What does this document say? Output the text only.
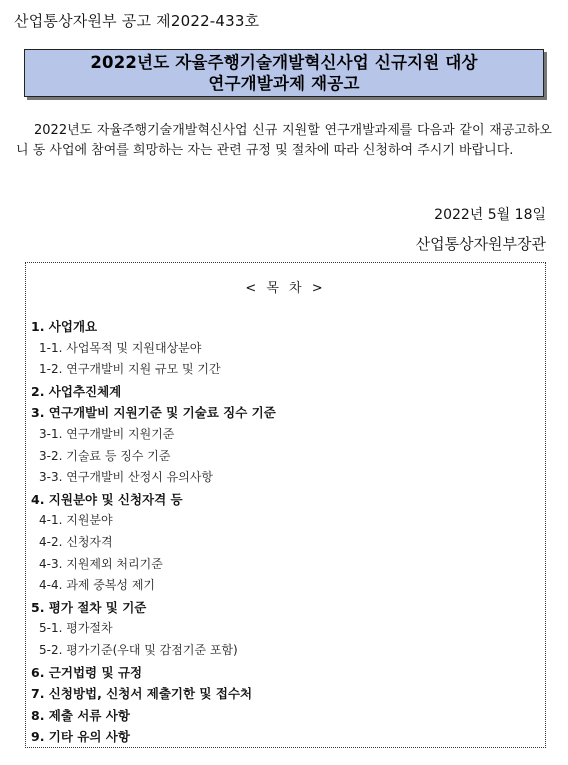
산업통상자원부 공고 제2022-433호
2022년도 자율주행기술개발혁신사업 신규지원 대상
연구개발과제 재공고

2022년도 자율주행기술개발혁신사업 신규 지원할 연구개발과제를 다음과 같이 재공고하오니 동 사업에 참여를 희망하는 자는 관련 규정 및 절차에 따라 신청하여 주시기 바랍니다.

2022년 5월 18일
산업통상자원부장관
< 목 차 >
1. 사업개요
1-1. 사업목적 및 지원대상분야
1-2. 연구개발비 지원 규모 및 기간
2. 사업추진체계
3. 연구개발비 지원기준 및 기술료 징수 기준
3-1. 연구개발비 지원기준
3-2. 기술료 등 징수 기준
3-3. 연구개발비 산정시 유의사항
4. 지원분야 및 신청자격 등
4-1. 지원분야
4-2. 신청자격
4-3. 지원제외 처리기준
4-4. 과제 중복성 제기
5. 평가 절차 및 기준
5-1. 평가절차
5-2. 평가기준(우대 및 감점기준 포함)
6. 근거법령 및 규정
7. 신청방법, 신청서 제출기한 및 접수처
8. 제출 서류 사항
9. 기타 유의 사항
